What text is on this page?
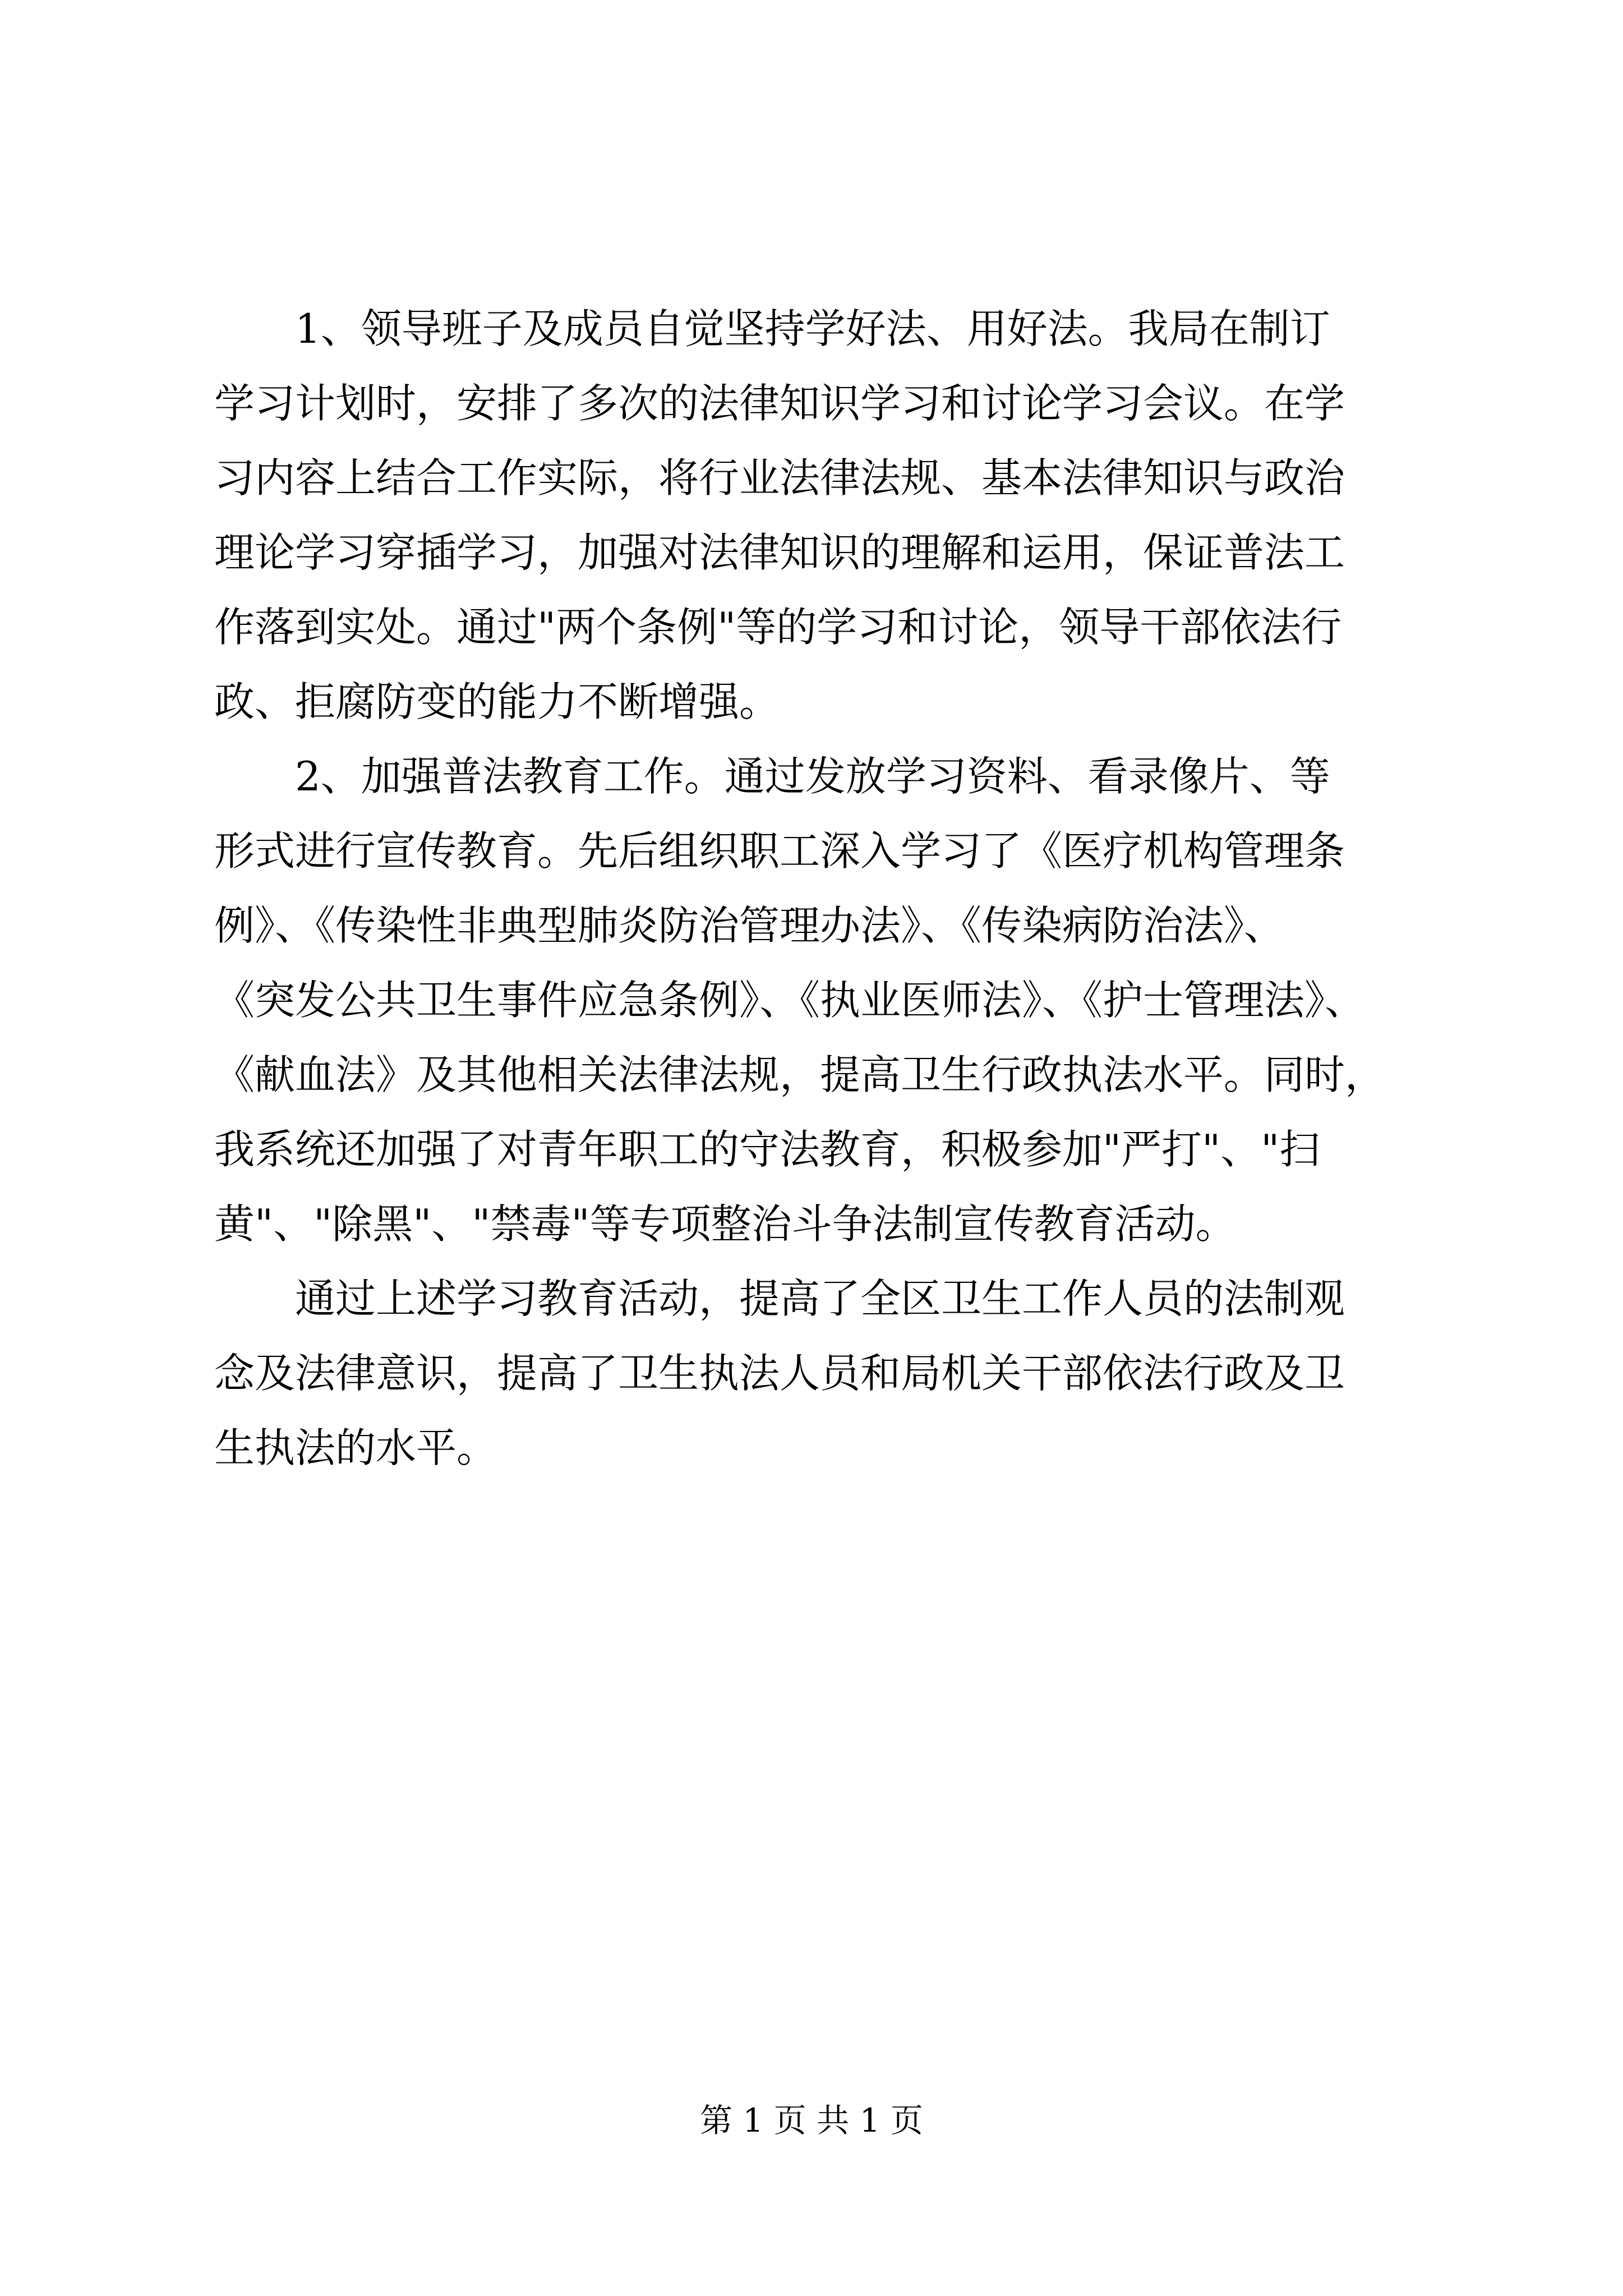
　　1、领导班子及成员自觉坚持学好法、用好法。我局在制订
学习计划时，安排了多次的法律知识学习和讨论学习会议。在学
习内容上结合工作实际，将行业法律法规、基本法律知识与政治
理论学习穿插学习，加强对法律知识的理解和运用，保证普法工
作落到实处。通过"两个条例"等的学习和讨论，领导干部依法行
政、拒腐防变的能力不断增强。
　　2、加强普法教育工作。通过发放学习资料、看录像片、等
形式进行宣传教育。先后组织职工深入学习了《医疗机构管理条
例》、《传染性非典型肺炎防治管理办法》、《传染病防治法》、
《突发公共卫生事件应急条例》、《执业医师法》、《护士管理法》、
《献血法》及其他相关法律法规，提高卫生行政执法水平。同时，
我系统还加强了对青年职工的守法教育，积极参加"严打"、"扫
黄"、"除黑"、"禁毒"等专项整治斗争法制宣传教育活动。
　　通过上述学习教育活动，提高了全区卫生工作人员的法制观
念及法律意识，提高了卫生执法人员和局机关干部依法行政及卫
生执法的水平。
第 1 页 共 1 页
